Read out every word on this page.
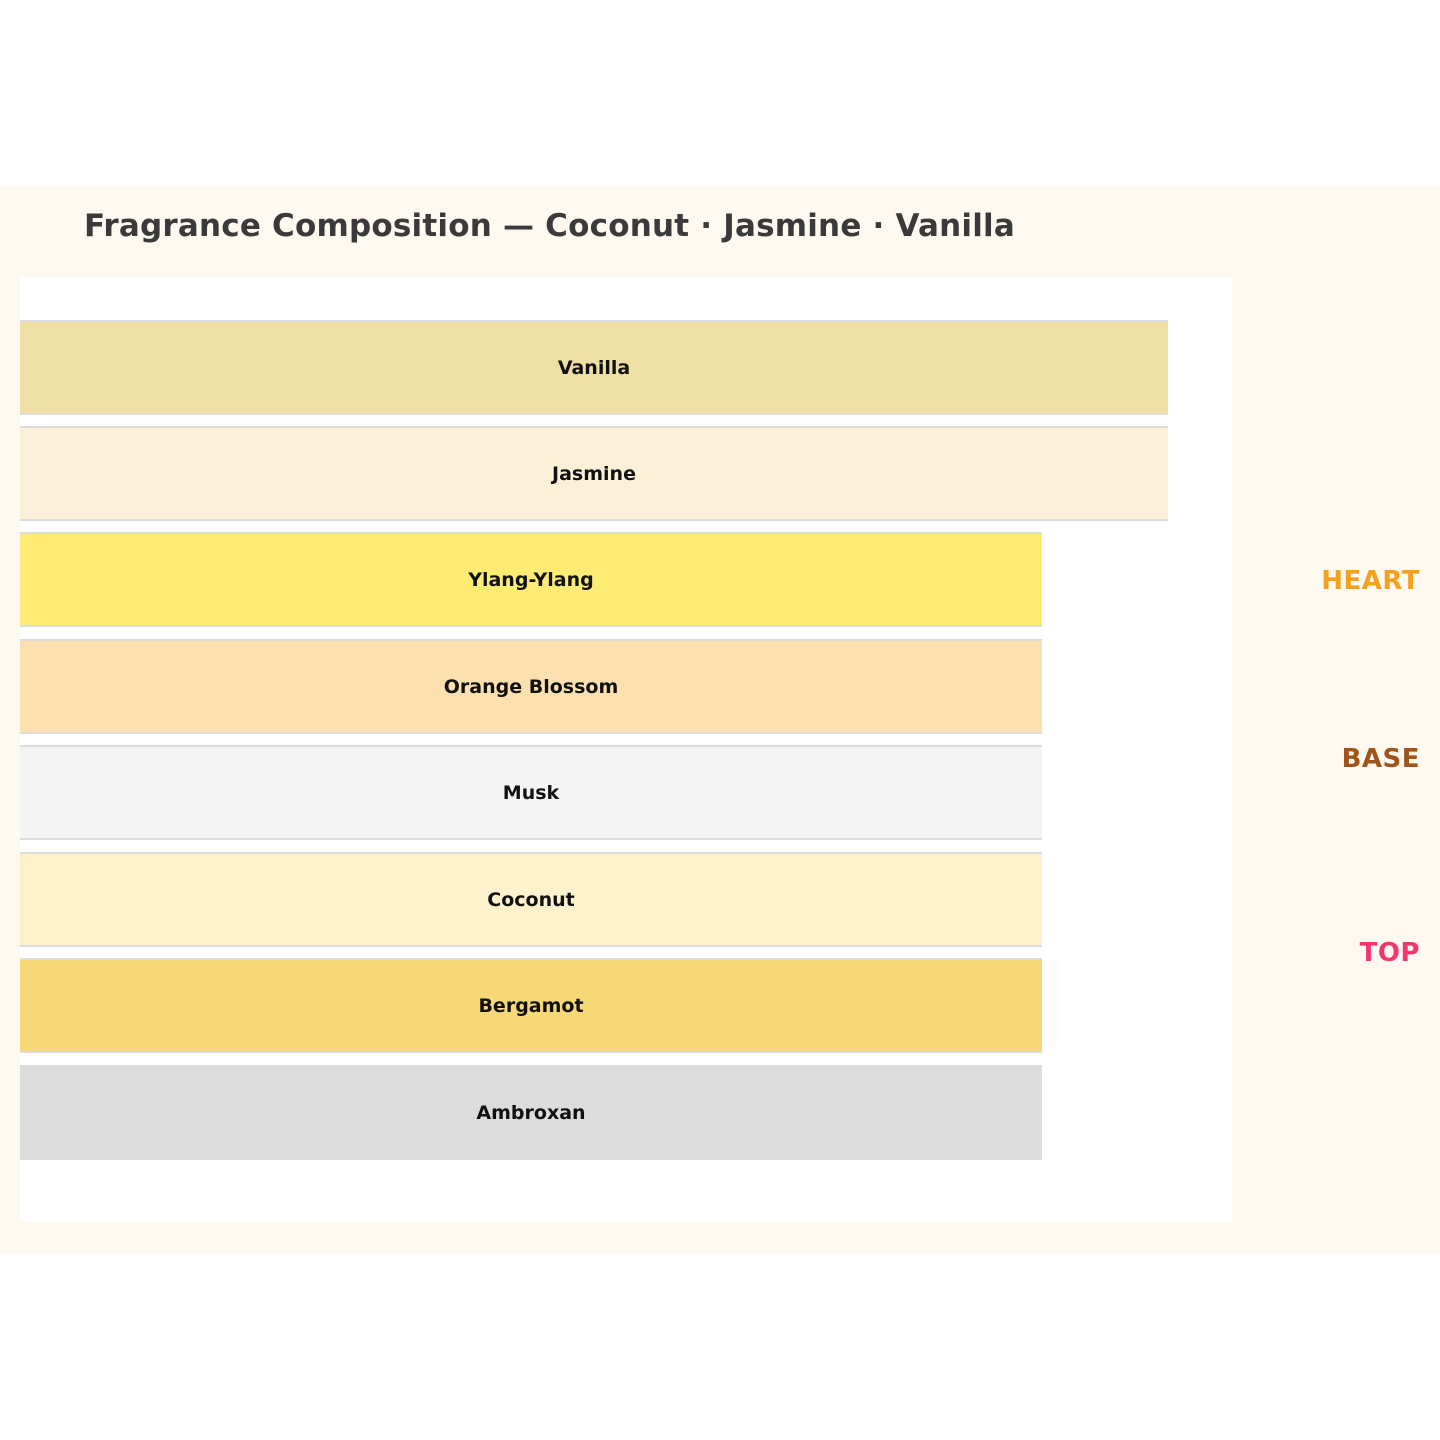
Fragrance Composition — Coconut · Jasmine · Vanilla
Vanilla
Jasmine
Ylang-Ylang
Orange Blossom
Musk
Coconut
Bergamot
Ambroxan
HEART
BASE
TOP
